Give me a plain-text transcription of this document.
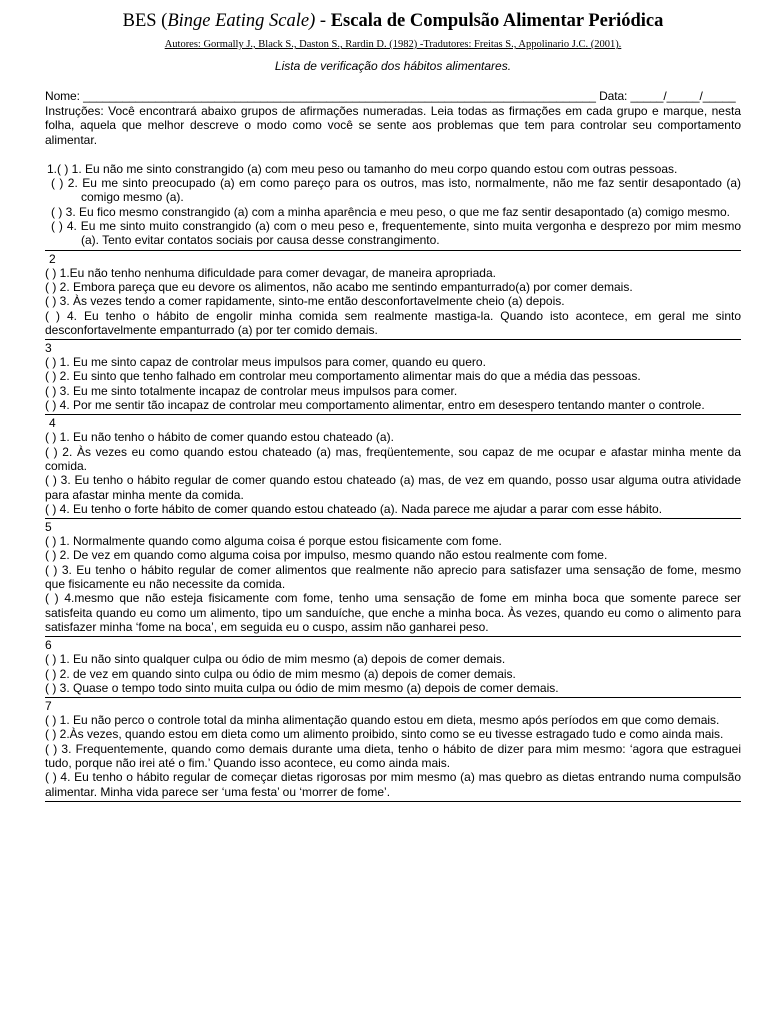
BES (Binge Eating Scale) - Escala de Compulsão Alimentar Periódica
Autores: Gormally J., Black S., Daston S., Rardin D. (1982) -Tradutores: Freitas S., Appolinario J.C. (2001).
Lista de verificação dos hábitos alimentares.
Nome: ______________________________________________________________________________ Data: _____/_____/_____
Instruções: Você encontrará abaixo grupos de afirmações numeradas. Leia todas as firmações em cada grupo e marque, nesta folha, aquela que melhor descreve o modo como você se sente aos problemas que tem para controlar seu comportamento alimentar.
1.( ) 1. Eu não me sinto constrangido (a) com meu peso ou tamanho do meu corpo quando estou com outras pessoas.
( ) 2. Eu me sinto preocupado (a) em como pareço para os outros, mas isto, normalmente, não me faz sentir desapontado (a) comigo mesmo (a).
( ) 3. Eu fico mesmo constrangido (a) com a minha aparência e meu peso, o que me faz sentir desapontado (a) comigo mesmo.
( ) 4. Eu me sinto muito constrangido (a) com o meu peso e, frequentemente, sinto muita vergonha e desprezo por mim mesmo (a). Tento evitar contatos sociais por causa desse constrangimento.
2
( ) 1.Eu não tenho nenhuma dificuldade para comer devagar, de maneira apropriada.
( ) 2. Embora pareça que eu devore os alimentos, não acabo me sentindo empanturrado(a) por comer demais.
( ) 3. Às vezes tendo a comer rapidamente, sinto-me então desconfortavelmente cheio (a) depois.
( ) 4. Eu tenho o hábito de engolir minha comida sem realmente mastiga-la. Quando isto acontece, em geral me sinto desconfortavelmente empanturrado (a) por ter comido demais.
3
( ) 1. Eu me sinto capaz de controlar meus impulsos para comer, quando eu quero.
( ) 2. Eu sinto que tenho falhado em controlar meu comportamento alimentar mais do que a média das pessoas.
( ) 3. Eu me sinto totalmente incapaz de controlar meus impulsos para comer.
( ) 4. Por me sentir tão incapaz de controlar meu comportamento alimentar, entro em desespero tentando manter o controle.
4
( ) 1. Eu não tenho o hábito de comer quando estou chateado (a).
( ) 2. Às vezes eu como quando estou chateado (a) mas, freqüentemente, sou capaz de me ocupar e afastar minha mente da comida.
( ) 3. Eu tenho o hábito regular de comer quando estou chateado (a) mas, de vez em quando, posso usar alguma outra atividade para afastar minha mente da comida.
( ) 4. Eu tenho o forte hábito de comer quando estou chateado (a). Nada parece me ajudar a parar com esse hábito.
5
( ) 1. Normalmente quando como alguma coisa é porque estou fisicamente com fome.
( ) 2. De vez em quando como alguma coisa por impulso, mesmo quando não estou realmente com fome.
( ) 3. Eu tenho o hábito regular de comer alimentos que realmente não aprecio para satisfazer uma sensação de fome, mesmo que fisicamente eu não necessite da comida.
( ) 4.mesmo que não esteja fisicamente com fome, tenho uma sensação de fome em minha boca que somente parece ser satisfeita quando eu como um alimento, tipo um sanduíche, que enche a minha boca. Às vezes, quando eu como o alimento para satisfazer minha ‘fome na boca’, em seguida eu o cuspo, assim não ganharei peso.
6
( ) 1. Eu não sinto qualquer culpa ou ódio de mim mesmo (a) depois de comer demais.
( ) 2. de vez em quando sinto culpa ou ódio de mim mesmo (a) depois de comer demais.
( ) 3. Quase o tempo todo sinto muita culpa ou ódio de mim mesmo (a) depois de comer demais.
7
( ) 1. Eu não perco o controle total da minha alimentação quando estou em dieta, mesmo após períodos em que como demais.
( ) 2.Às vezes, quando estou em dieta como um alimento proibido, sinto como se eu tivesse estragado tudo e como ainda mais.
( ) 3. Frequentemente, quando como demais durante uma dieta, tenho o hábito de dizer para mim mesmo: ‘agora que estraguei tudo, porque não irei até o fim.’ Quando isso acontece, eu como ainda mais.
( ) 4. Eu tenho o hábito regular de começar dietas rigorosas por mim mesmo (a) mas quebro as dietas entrando numa compulsão alimentar. Minha vida parece ser ‘uma festa’ ou ‘morrer de fome’.
